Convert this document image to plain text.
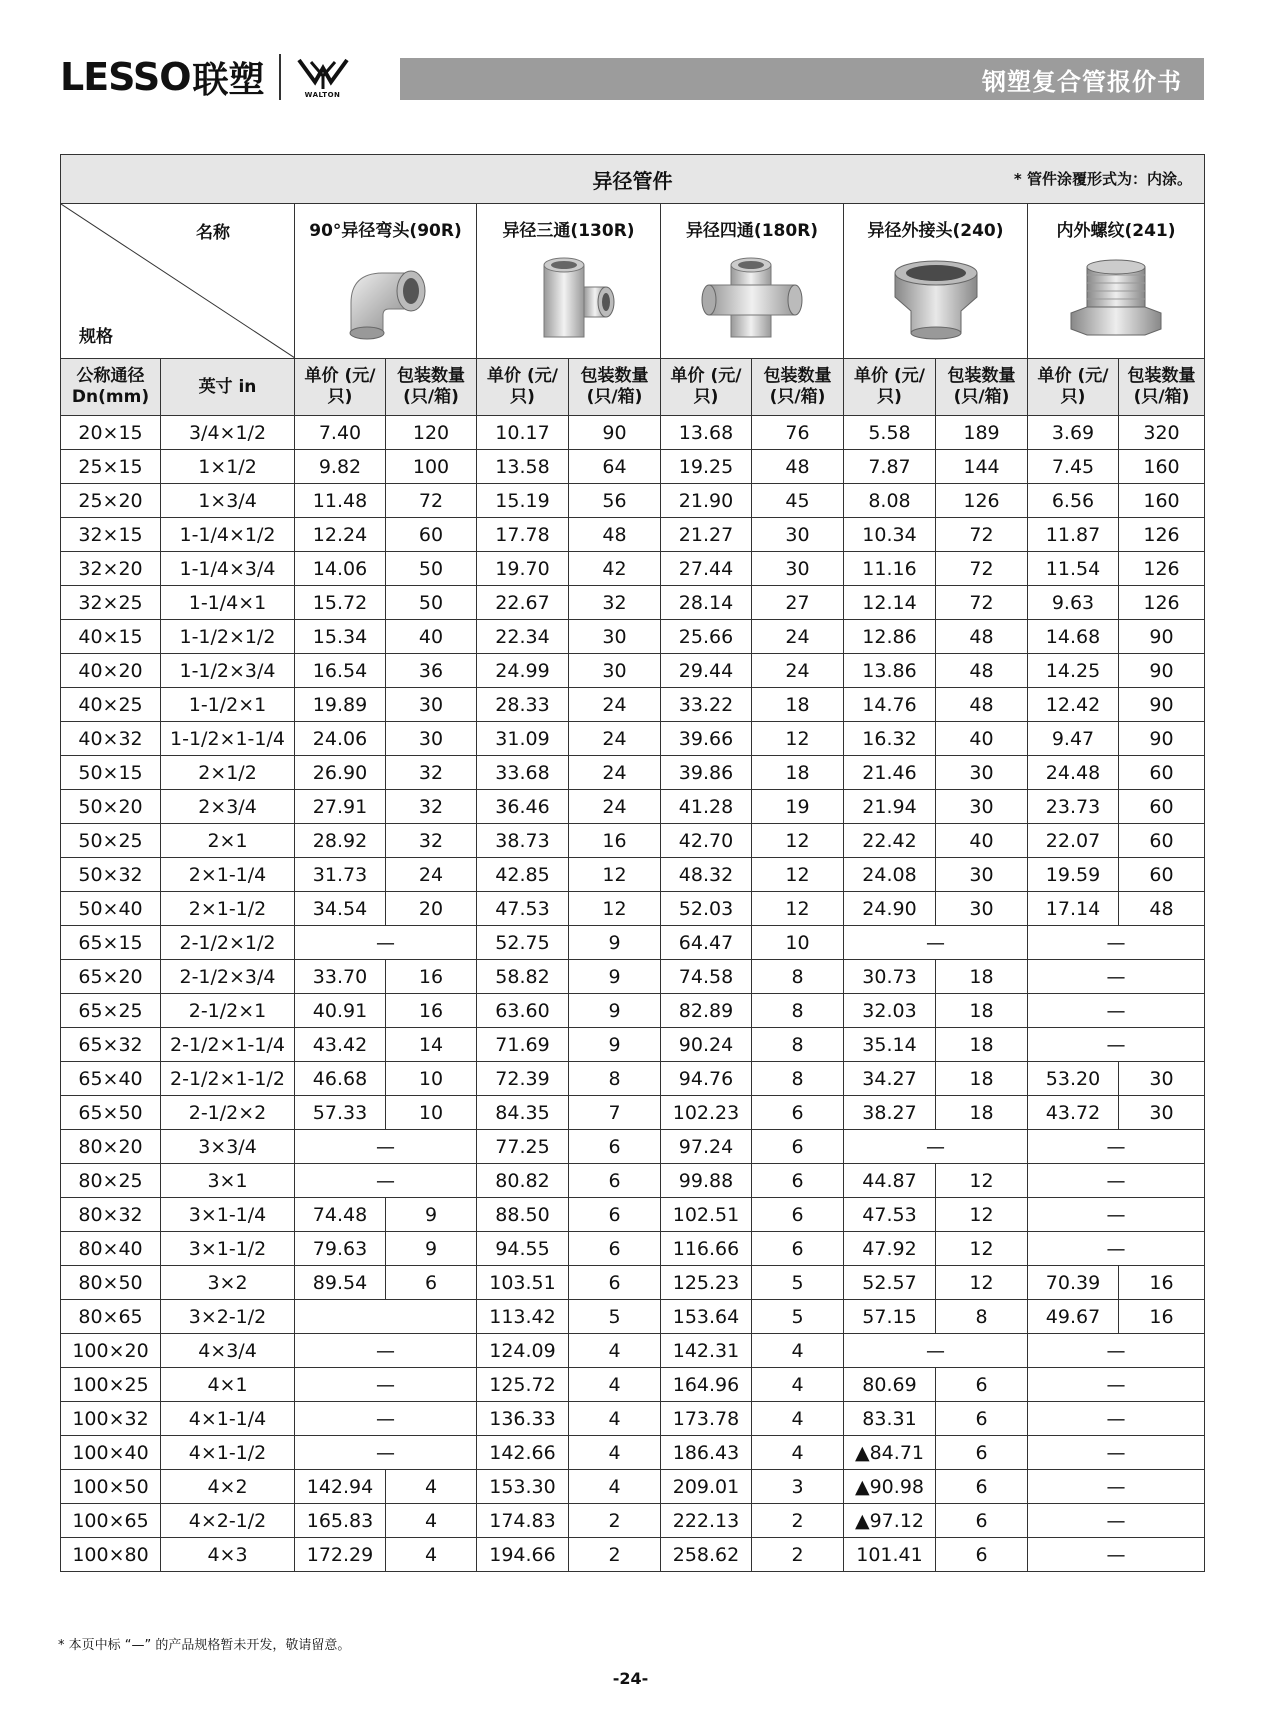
LESSO 联塑	WALTON	钢塑复合管报价书
异径管件 * 管件涂覆形式为：内涂。											

名称
规格		90°异径弯头(90R)		异径三通(130R)		异径四通(180R)		异径外接头(240)		内外螺纹(241)	

公称通径 Dn(mm)	英寸 in	单价 (元/只)	包装数量 (只/箱)	单价 (元/只)	包装数量 (只/箱)	单价 (元/只)	包装数量 (只/箱)	单价 (元/只)	包装数量 (只/箱)	单价 (元/只)	包装数量 (只/箱)
20×15	3/4×1/2	7.40	120	10.17	90	13.68	76	5.58	189	3.69	320
25×15	1×1/2	9.82	100	13.58	64	19.25	48	7.87	144	7.45	160
25×20	1×3/4	11.48	72	15.19	56	21.90	45	8.08	126	6.56	160
32×15	1-1/4×1/2	12.24	60	17.78	48	21.27	30	10.34	72	11.87	126
32×20	1-1/4×3/4	14.06	50	19.70	42	27.44	30	11.16	72	11.54	126
32×25	1-1/4×1	15.72	50	22.67	32	28.14	27	12.14	72	9.63	126
40×15	1-1/2×1/2	15.34	40	22.34	30	25.66	24	12.86	48	14.68	90
40×20	1-1/2×3/4	16.54	36	24.99	30	29.44	24	13.86	48	14.25	90
40×25	1-1/2×1	19.89	30	28.33	24	33.22	18	14.76	48	12.42	90
40×32	1-1/2×1-1/4	24.06	30	31.09	24	39.66	12	16.32	40	9.47	90
50×15	2×1/2	26.90	32	33.68	24	39.86	18	21.46	30	24.48	60
50×20	2×3/4	27.91	32	36.46	24	41.28	19	21.94	30	23.73	60
50×25	2×1	28.92	32	38.73	16	42.70	12	22.42	40	22.07	60
50×32	2×1-1/4	31.73	24	42.85	12	48.32	12	24.08	30	19.59	60
50×40	2×1-1/2	34.54	20	47.53	12	52.03	12	24.90	30	17.14	48
65×15	2-1/2×1/2	—		52.75	9	64.47	10	—		—	
65×20	2-1/2×3/4	33.70	16	58.82	9	74.58	8	30.73	18	—	
65×25	2-1/2×1	40.91	16	63.60	9	82.89	8	32.03	18	—	
65×32	2-1/2×1-1/4	43.42	14	71.69	9	90.24	8	35.14	18	—	
65×40	2-1/2×1-1/2	46.68	10	72.39	8	94.76	8	34.27	18	53.20	30
65×50	2-1/2×2	57.33	10	84.35	7	102.23	6	38.27	18	43.72	30
80×20	3×3/4	—		77.25	6	97.24	6	—		—	
80×25	3×1	—		80.82	6	99.88	6	44.87	12	—	
80×32	3×1-1/4	74.48	9	88.50	6	102.51	6	47.53	12	—	
80×40	3×1-1/2	79.63	9	94.55	6	116.66	6	47.92	12	—	
80×50	3×2	89.54	6	103.51	6	125.23	5	52.57	12	70.39	16
80×65	3×2-1/2			113.42	5	153.64	5	57.15	8	49.67	16
100×20	4×3/4	—		124.09	4	142.31	4	—		—	
100×25	4×1	—		125.72	4	164.96	4	80.69	6	—	
100×32	4×1-1/4	—		136.33	4	173.78	4	83.31	6	—	
100×40	4×1-1/2	—		142.66	4	186.43	4	▲84.71	6	—	
100×50	4×2	142.94	4	153.30	4	209.01	3	▲90.98	6	—	
100×65	4×2-1/2	165.83	4	174.83	2	222.13	2	▲97.12	6	—	
100×80	4×3	172.29	4	194.66	2	258.62	2	101.41	6	—	
* 本页中标 “—” 的产品规格暂未开发，敬请留意。
-24-
